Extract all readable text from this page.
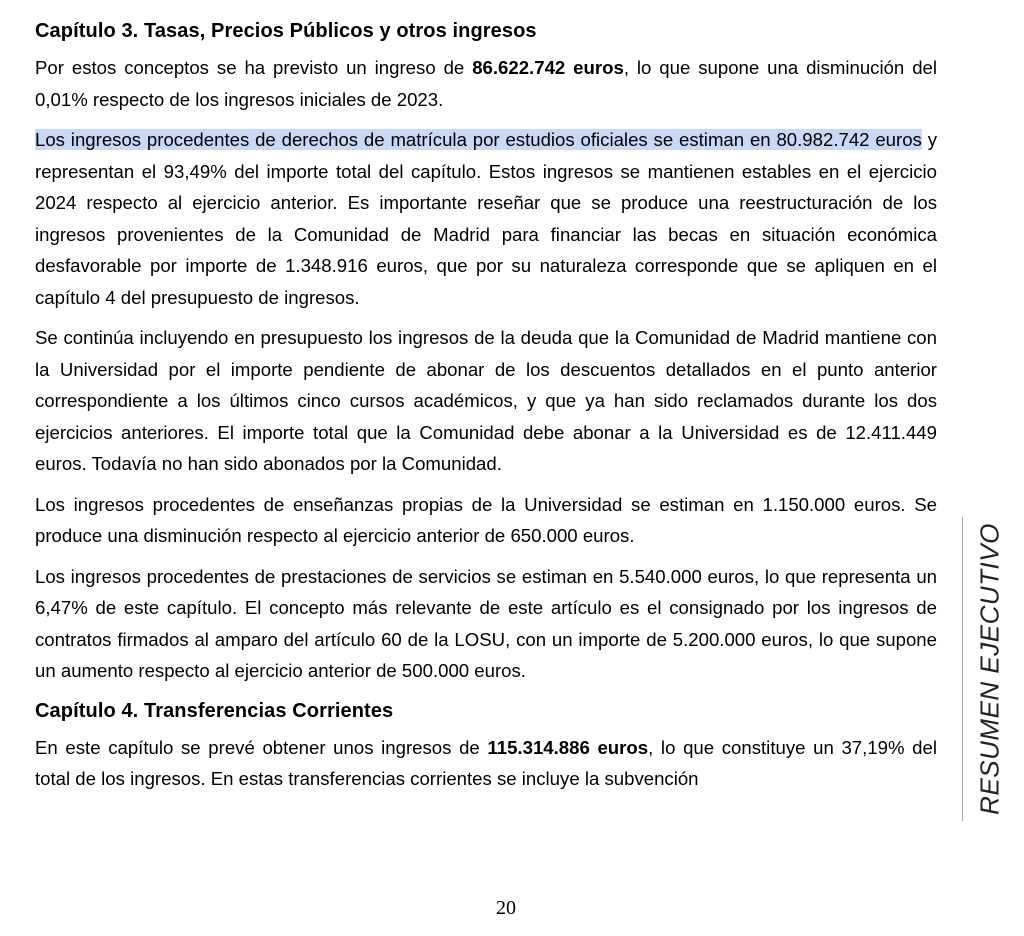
Capítulo 3. Tasas, Precios Públicos y otros ingresos

Por estos conceptos se ha previsto un ingreso de 86.622.742 euros, lo que supone una disminución del 0,01% respecto de los ingresos iniciales de 2023.

Los ingresos procedentes de derechos de matrícula por estudios oficiales se estiman en 80.982.742 euros y representan el 93,49% del importe total del capítulo. Estos ingresos se mantienen estables en el ejercicio 2024 respecto al ejercicio anterior. Es importante reseñar que se produce una reestructuración de los ingresos provenientes de la Comunidad de Madrid para financiar las becas en situación económica desfavorable por importe de 1.348.916 euros, que por su naturaleza corresponde que se apliquen en el capítulo 4 del presupuesto de ingresos.

Se continúa incluyendo en presupuesto los ingresos de la deuda que la Comunidad de Madrid mantiene con la Universidad por el importe pendiente de abonar de los descuentos detallados en el punto anterior correspondiente a los últimos cinco cursos académicos, y que ya han sido reclamados durante los dos ejercicios anteriores. El importe total que la Comunidad debe abonar a la Universidad es de 12.411.449 euros. Todavía no han sido abonados por la Comunidad.

Los ingresos procedentes de enseñanzas propias de la Universidad se estiman en 1.150.000 euros. Se produce una disminución respecto al ejercicio anterior de 650.000 euros.

Los ingresos procedentes de prestaciones de servicios se estiman en 5.540.000 euros, lo que representa un 6,47% de este capítulo. El concepto más relevante de este artículo es el consignado por los ingresos de contratos firmados al amparo del artículo 60 de la LOSU, con un importe de 5.200.000 euros, lo que supone un aumento respecto al ejercicio anterior de 500.000 euros.

Capítulo 4. Transferencias Corrientes

En este capítulo se prevé obtener unos ingresos de 115.314.886 euros, lo que constituye un 37,19% del total de los ingresos. En estas transferencias corrientes se incluye la subvención	RESUMEN EJECUTIVO
20
